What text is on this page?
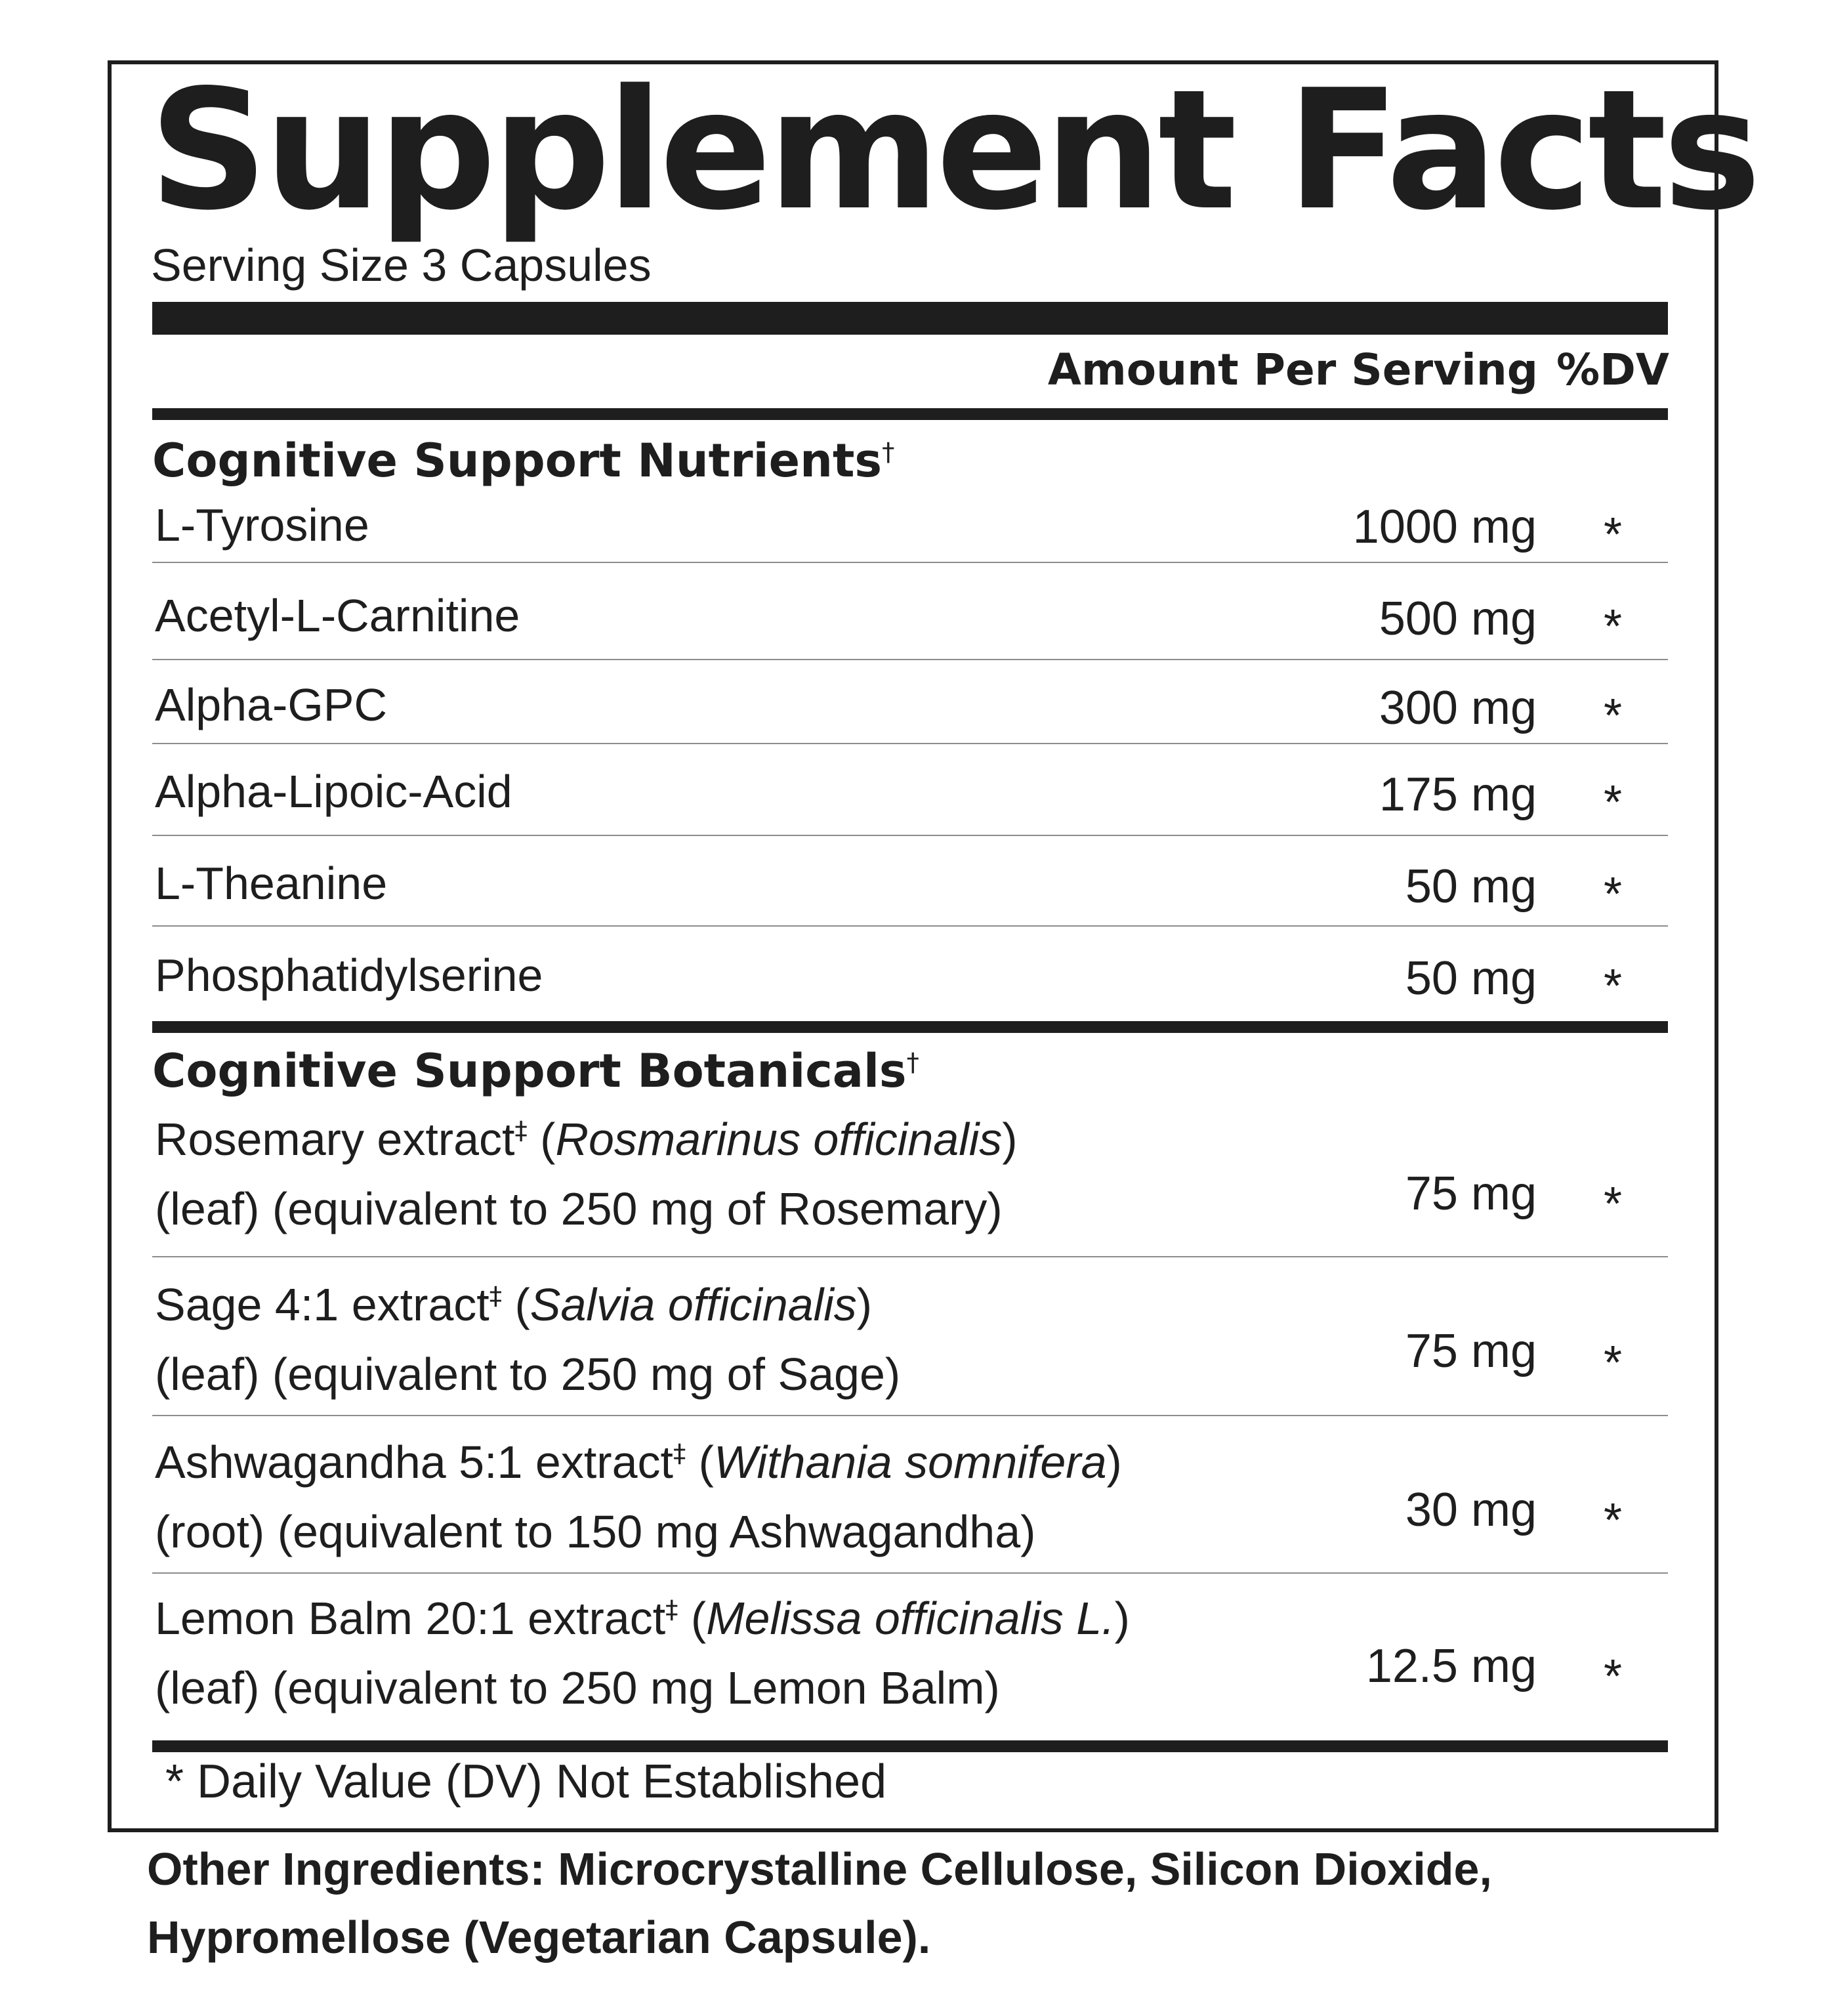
Supplement Facts
Serving Size 3 Capsules
Amount Per Serving %DV
Cognitive Support Nutrients†
L-Tyrosine	1000 mg *
Acetyl-L-Carnitine	500 mg *
Alpha-GPC	300 mg *
Alpha-Lipoic-Acid	175 mg *
L-Theanine	50 mg *
Phosphatidylserine	50 mg *
Cognitive Support Botanicals†
Rosemary extract‡ (Rosmarinus officinalis)
(leaf) (equivalent to 250 mg of Rosemary)	75 mg *
Sage 4:1 extract‡ (Salvia officinalis)
(leaf) (equivalent to 250 mg of Sage)	75 mg *
Ashwagandha 5:1 extract‡ (Withania somnifera)
(root) (equivalent to 150 mg Ashwagandha)	30 mg *
Lemon Balm 20:1 extract‡ (Melissa officinalis L.)
(leaf) (equivalent to 250 mg Lemon Balm)	12.5 mg *
* Daily Value (DV) Not Established

Other Ingredients: Microcrystalline Cellulose, Silicon Dioxide,
Hypromellose (Vegetarian Capsule).
